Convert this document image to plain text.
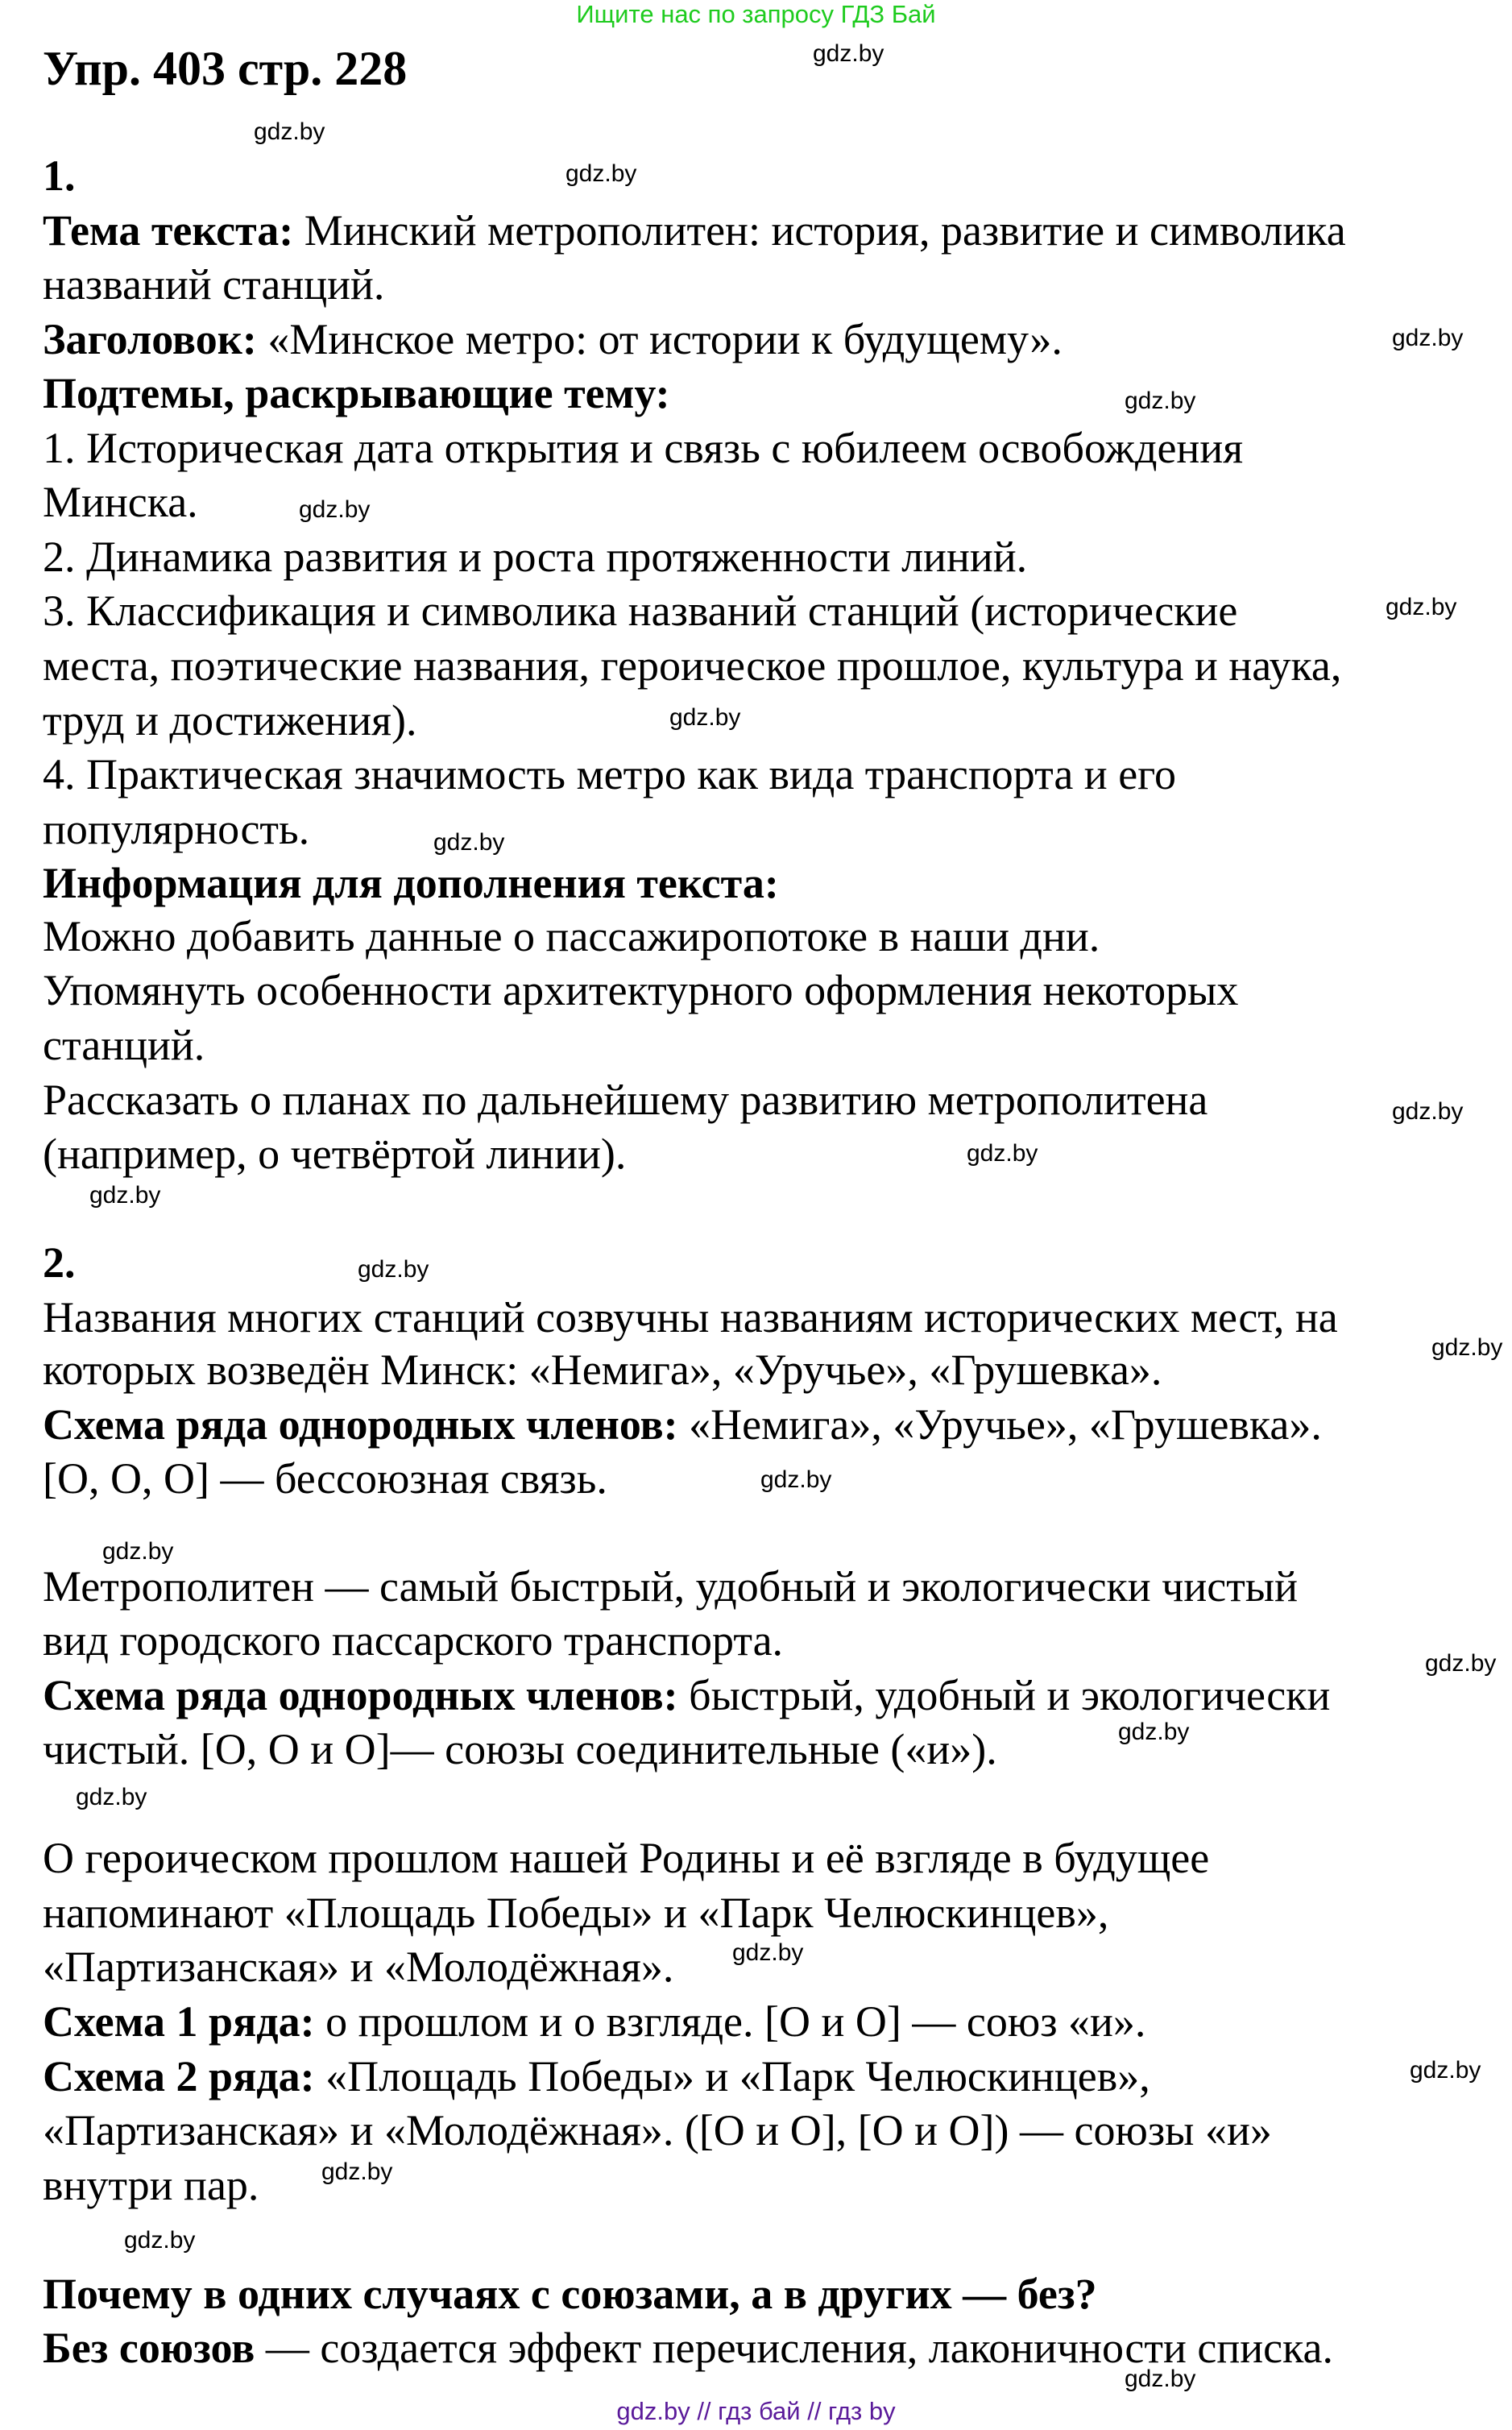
Ищите нас по запросу ГДЗ Бай
Упр. 403 стр. 228
1.
Тема текста: Минский метрополитен: история, развитие и символика
названий станций.
Заголовок: «Минское метро: от истории к будущему».
Подтемы, раскрывающие тему:
1. Историческая дата открытия и связь с юбилеем освобождения
Минска.
2. Динамика развития и роста протяженности линий.
3. Классификация и символика названий станций (исторические
места, поэтические названия, героическое прошлое, культура и наука,
труд и достижения).
4. Практическая значимость метро как вида транспорта и его
популярность.
Информация для дополнения текста:
Можно добавить данные о пассажиропотоке в наши дни.
Упомянуть особенности архитектурного оформления некоторых
станций.
Рассказать о планах по дальнейшему развитию метрополитена
(например, о четвёртой линии).
2.
Названия многих станций созвучны названиям исторических мест, на
которых возведён Минск: «Немига», «Уручье», «Грушевка».
Схема ряда однородных членов: «Немига», «Уручье», «Грушевка».
[О, О, О] — бессоюзная связь.
Метрополитен — самый быстрый, удобный и экологически чистый
вид городского пассарского транспорта.
Схема ряда однородных членов: быстрый, удобный и экологически
чистый. [О, О и О]— союзы соединительные («и»).
О героическом прошлом нашей Родины и её взгляде в будущее
напоминают «Площадь Победы» и «Парк Челюскинцев»,
«Партизанская» и «Молодёжная».
Схема 1 ряда: о прошлом и о взгляде. [О и О] — союз «и».
Схема 2 ряда: «Площадь Победы» и «Парк Челюскинцев»,
«Партизанская» и «Молодёжная». ([О и О], [О и О]) — союзы «и»
внутри пар.
Почему в одних случаях с союзами, а в других — без?
Без союзов — создается эффект перечисления, лаконичности списка.
gdz.by
gdz.by
gdz.by
gdz.by
gdz.by
gdz.by
gdz.by
gdz.by
gdz.by
gdz.by
gdz.by
gdz.by
gdz.by
gdz.by
gdz.by
gdz.by
gdz.by
gdz.by
gdz.by
gdz.by
gdz.by
gdz.by
gdz.by
gdz.by
gdz.by // гдз бай // гдз by
